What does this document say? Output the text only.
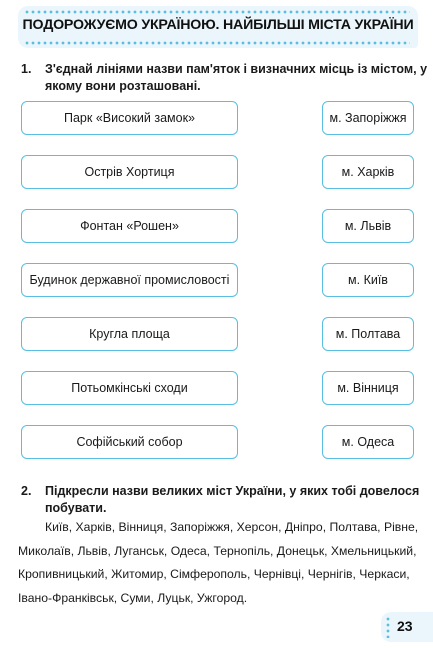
ПОДОРОЖУЄМО УКРАЇНОЮ. НАЙБІЛЬШІ МІСТА УКРАЇНИ
1. З'єднай лініями назви пам'яток і визначних місць із містом, у
якому вони розташовані.
Парк «Високий замок»
Острів Хортиця
Фонтан «Рошен»
Будинок державної промисловості
Кругла площа
Потьомкінські сходи
Софійський собор
м. Запоріжжя
м. Харків
м. Львів
м. Київ
м. Полтава
м. Вінниця
м. Одеса
2. Підкресли назви великих міст України, у яких тобі довелося
побувати.
Київ, Харків, Вінниця, Запоріжжя, Херсон, Дніпро, Полтава, Рівне,
Миколаїв, Львів, Луганськ, Одеса, Тернопіль, Донецьк, Хмельницький,
Кропивницький, Житомир, Сімферополь, Чернівці, Чернігів, Черкаси,
Івано-Франківськ, Суми, Луцьк, Ужгород.
23
